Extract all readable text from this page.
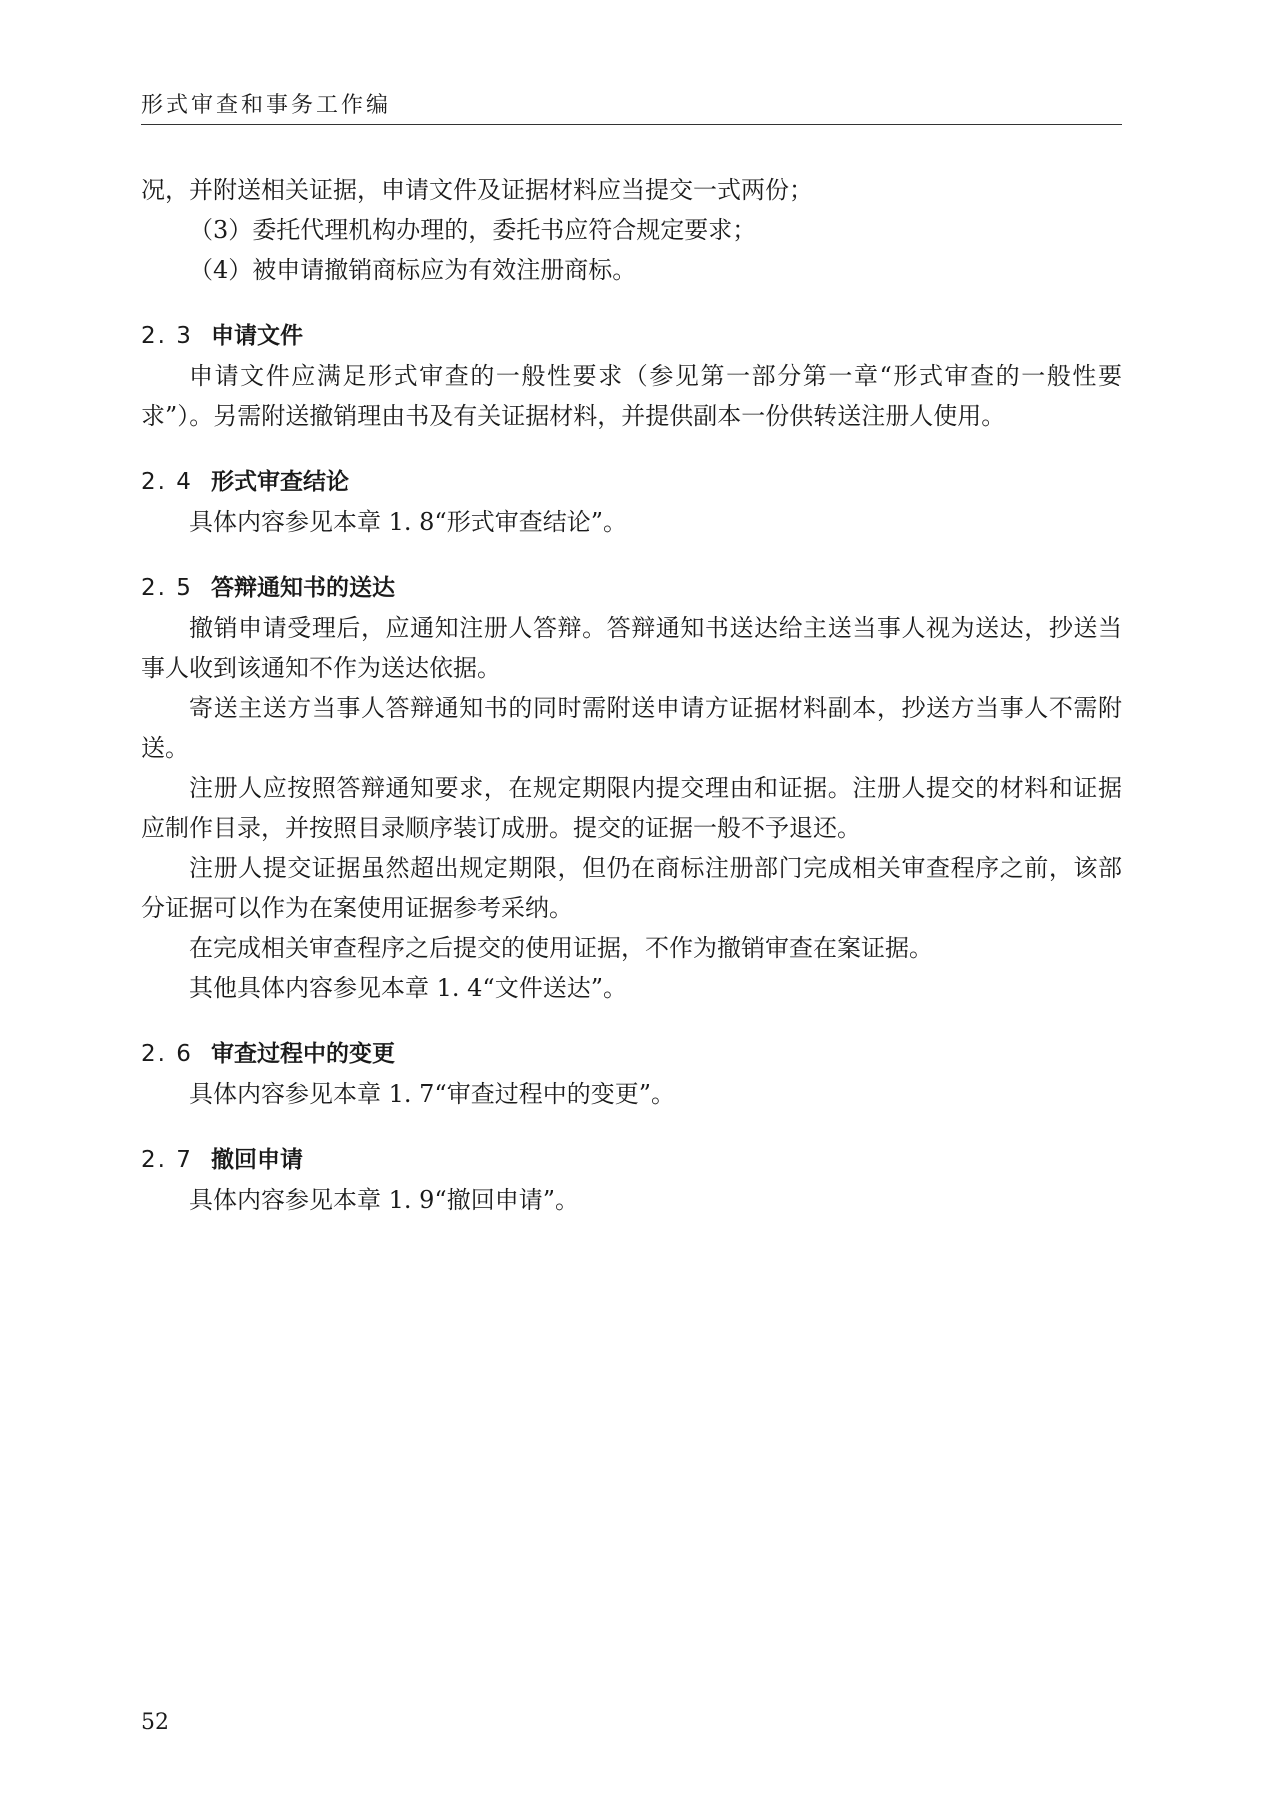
形式审查和事务工作编

况，并附送相关证据，申请文件及证据材料应当提交一式两份；

（3）委托代理机构办理的，委托书应符合规定要求；

（4）被申请撤销商标应为有效注册商标。

2. 3 申请文件

申请文件应满足形式审查的一般性要求（参见第一部分第一章“形式审查的一般性要求”）。另需附送撤销理由书及有关证据材料，并提供副本一份供转送注册人使用。

2. 4 形式审查结论

具体内容参见本章 1. 8“形式审查结论”。

2. 5 答辩通知书的送达

撤销申请受理后，应通知注册人答辩。答辩通知书送达给主送当事人视为送达，抄送当事人收到该通知不作为送达依据。

寄送主送方当事人答辩通知书的同时需附送申请方证据材料副本，抄送方当事人不需附送。

注册人应按照答辩通知要求，在规定期限内提交理由和证据。注册人提交的材料和证据应制作目录，并按照目录顺序装订成册。提交的证据一般不予退还。

注册人提交证据虽然超出规定期限，但仍在商标注册部门完成相关审查程序之前，该部分证据可以作为在案使用证据参考采纳。

在完成相关审查程序之后提交的使用证据，不作为撤销审查在案证据。

其他具体内容参见本章 1. 4“文件送达”。

2. 6 审查过程中的变更

具体内容参见本章 1. 7“审查过程中的变更”。

2. 7 撤回申请

具体内容参见本章 1. 9“撤回申请”。

52
